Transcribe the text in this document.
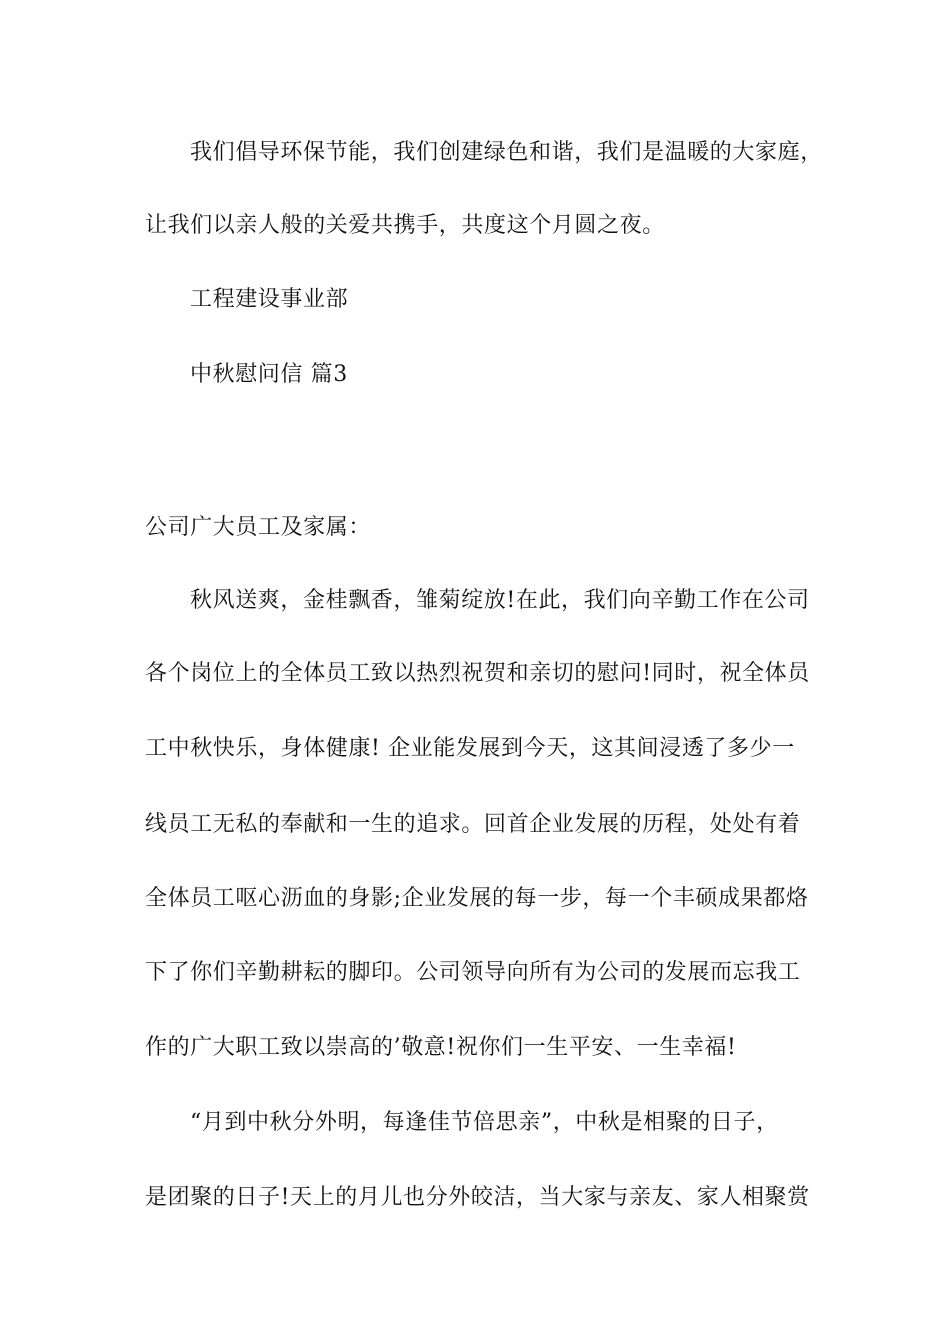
我们倡导环保节能，我们创建绿色和谐，我们是温暖的大家庭，
让我们以亲人般的关爱共携手，共度这个月圆之夜。
工程建设事业部
中秋慰问信 篇3
公司广大员工及家属：
秋风送爽，金桂飘香，雏菊绽放!在此，我们向辛勤工作在公司
各个岗位上的全体员工致以热烈祝贺和亲切的慰问!同时，祝全体员
工中秋快乐，身体健康! 企业能发展到今天，这其间浸透了多少一
线员工无私的奉献和一生的追求。回首企业发展的历程，处处有着
全体员工呕心沥血的身影;企业发展的每一步，每一个丰硕成果都烙
下了你们辛勤耕耘的脚印。公司领导向所有为公司的发展而忘我工
作的广大职工致以崇高的’敬意!祝你们一生平安、一生幸福!
“月到中秋分外明，每逢佳节倍思亲”，中秋是相聚的日子，
是团聚的日子!天上的月儿也分外皎洁，当大家与亲友、家人相聚赏
